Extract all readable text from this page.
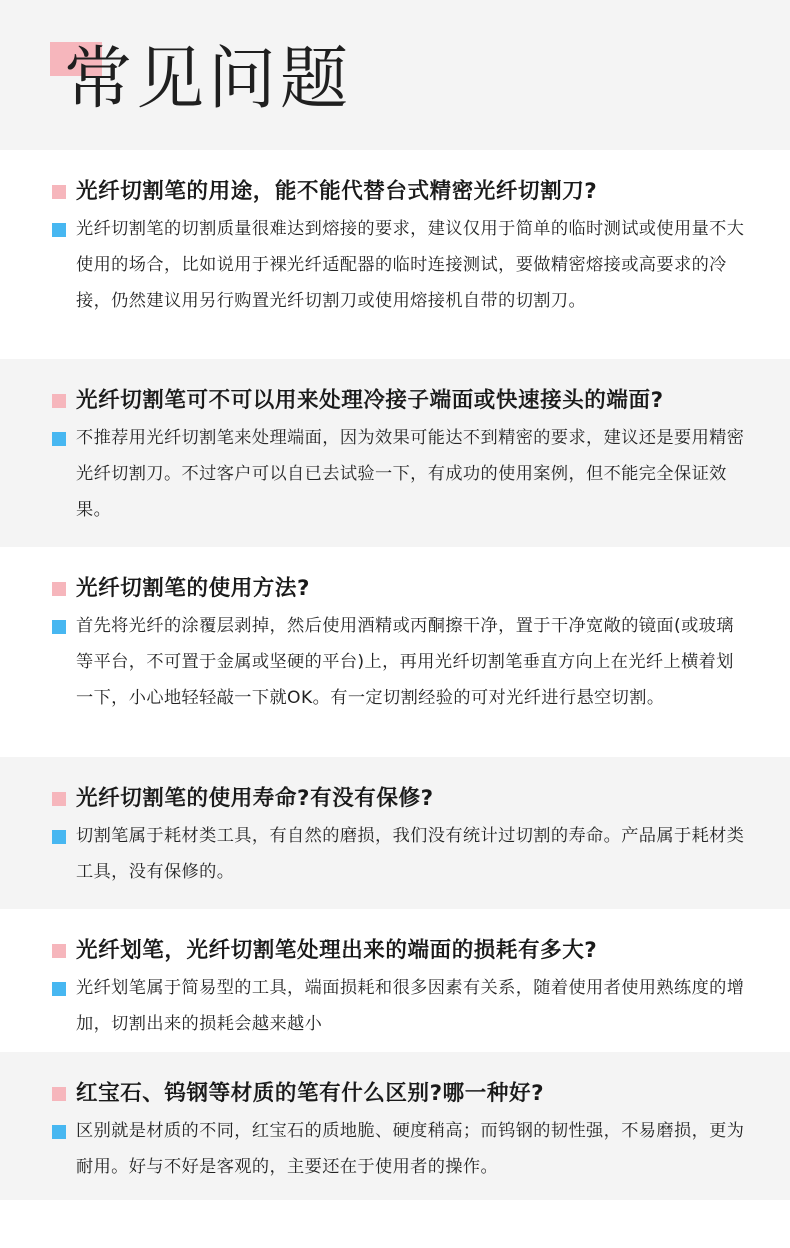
常见问题
光纤切割笔的用途，能不能代替台式精密光纤切割刀?
光纤切割笔的切割质量很难达到熔接的要求，建议仅用于简单的临时测试或使用量不大使用的场合，比如说用于裸光纤适配器的临时连接测试，要做精密熔接或高要求的冷接，仍然建议用另行购置光纤切割刀或使用熔接机自带的切割刀。
光纤切割笔可不可以用来处理冷接子端面或快速接头的端面?
不推荐用光纤切割笔来处理端面，因为效果可能达不到精密的要求，建议还是要用精密光纤切割刀。不过客户可以自已去试验一下，有成功的使用案例，但不能完全保证效果。
光纤切割笔的使用方法?
首先将光纤的涂覆层剥掉，然后使用酒精或丙酮擦干净，置于干净宽敞的镜面(或玻璃等平台，不可置于金属或坚硬的平台)上，再用光纤切割笔垂直方向上在光纤上横着划一下，小心地轻轻敲一下就OK。有一定切割经验的可对光纤进行悬空切割。
光纤切割笔的使用寿命?有没有保修?
切割笔属于耗材类工具，有自然的磨损，我们没有统计过切割的寿命。产品属于耗材类工具，没有保修的。
光纤划笔，光纤切割笔处理出来的端面的损耗有多大?
光纤划笔属于简易型的工具，端面损耗和很多因素有关系，随着使用者使用熟练度的增加，切割出来的损耗会越来越小
红宝石、钨钢等材质的笔有什么区别?哪一种好?
区别就是材质的不同，红宝石的质地脆、硬度稍高；而钨钢的韧性强，不易磨损，更为耐用。好与不好是客观的，主要还在于使用者的操作。
